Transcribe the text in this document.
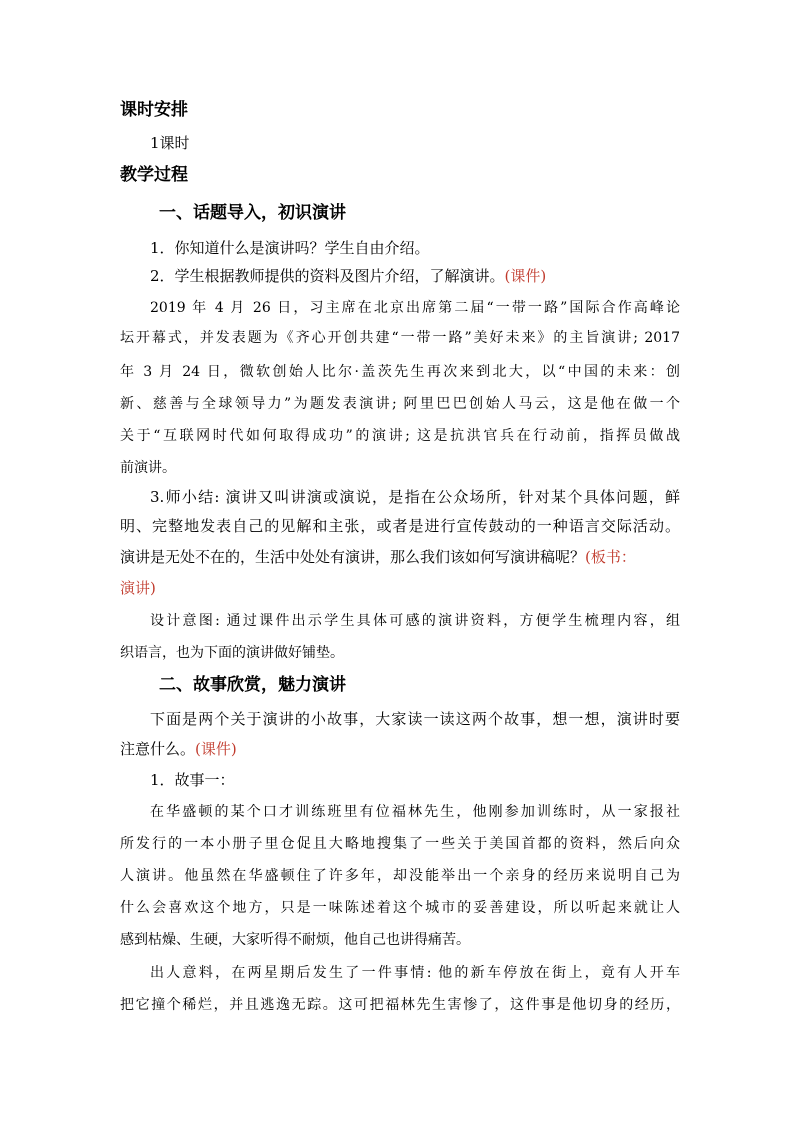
课时安排
1课时
教学过程
一、话题导入，初识演讲
1．你知道什么是演讲吗？学生自由介绍。
2．学生根据教师提供的资料及图片介绍，了解演讲。(课件)
2019 年 4 月 26 日，习主席在北京出席第二届“一带一路”国际合作高峰论
坛开幕式，并发表题为《齐心开创共建“一带一路”美好未来》的主旨演讲; 2017
年 3 月 24 日，微软创始人比尔·盖茨先生再次来到北大，以“中国的未来：创
新、慈善与全球领导力”为题发表演讲; 阿里巴巴创始人马云，这是他在做一个
关于“互联网时代如何取得成功”的演讲; 这是抗洪官兵在行动前，指挥员做战
前演讲。
3.师小结: 演讲又叫讲演或演说，是指在公众场所，针对某个具体问题，鲜
明、完整地发表自己的见解和主张，或者是进行宣传鼓动的一种语言交际活动。
演讲是无处不在的，生活中处处有演讲，那么我们该如何写演讲稿呢？(板书：
演讲)
设计意图: 通过课件出示学生具体可感的演讲资料，方便学生梳理内容，组
织语言，也为下面的演讲做好铺垫。
二、故事欣赏，魅力演讲
下面是两个关于演讲的小故事，大家读一读这两个故事，想一想，演讲时要
注意什么。(课件)
1．故事一：
在华盛顿的某个口才训练班里有位福林先生，他刚参加训练时，从一家报社
所发行的一本小册子里仓促且大略地搜集了一些关于美国首都的资料，然后向众
人演讲。他虽然在华盛顿住了许多年，却没能举出一个亲身的经历来说明自己为
什么会喜欢这个地方，只是一味陈述着这个城市的妥善建设，所以听起来就让人
感到枯燥、生硬，大家听得不耐烦，他自己也讲得痛苦。
出人意料，在两星期后发生了一件事情: 他的新车停放在街上，竟有人开车
把它撞个稀烂，并且逃逸无踪。这可把福林先生害惨了，这件事是他切身的经历，
